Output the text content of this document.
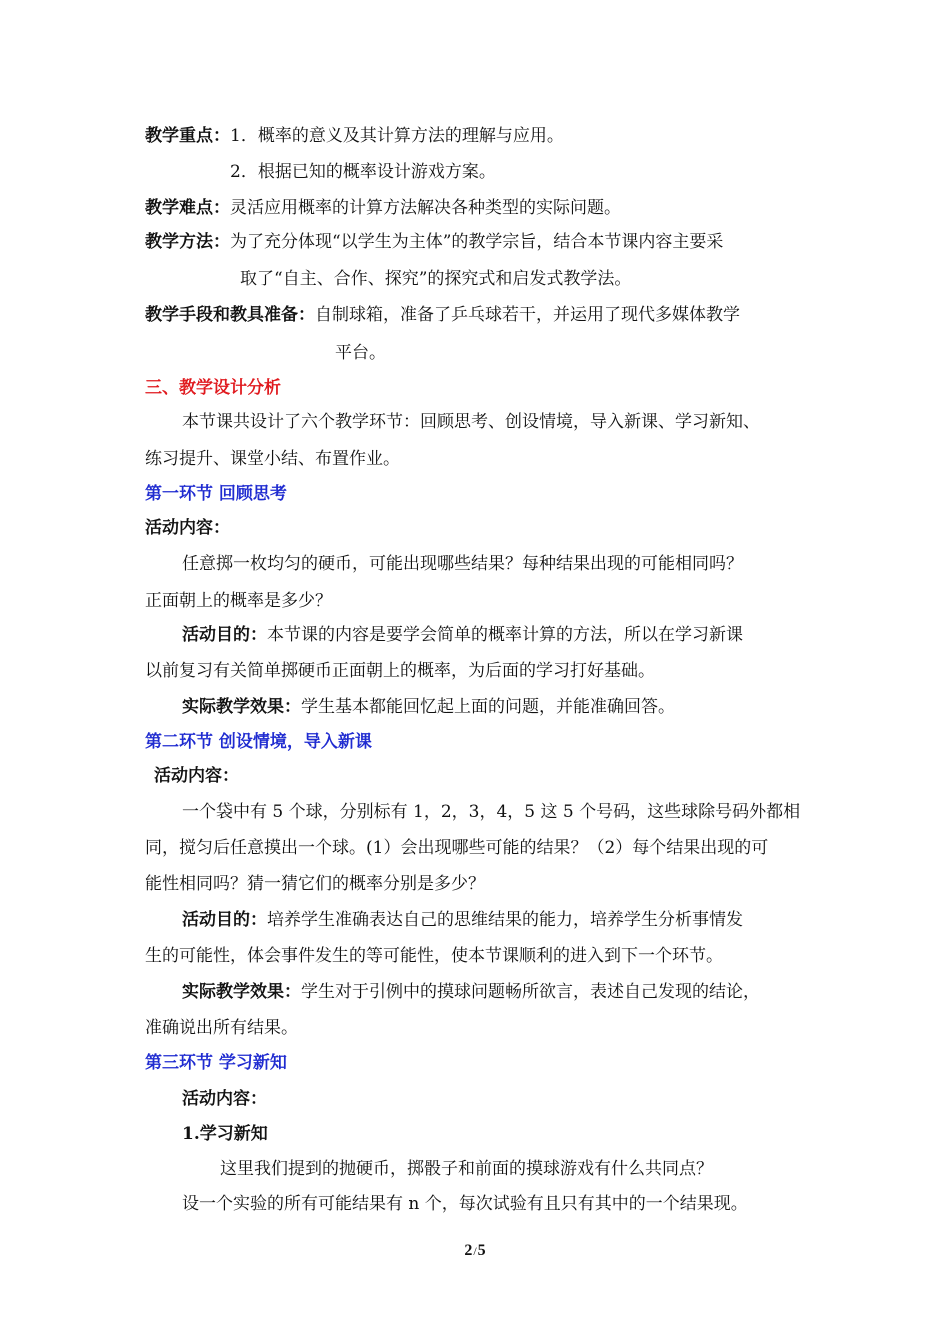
教学重点：1．概率的意义及其计算方法的理解与应用。
2．根据已知的概率设计游戏方案。
教学难点：灵活应用概率的计算方法解决各种类型的实际问题。
教学方法：为了充分体现“以学生为主体”的教学宗旨，结合本节课内容主要采
取了“自主、合作、探究”的探究式和启发式教学法。
教学手段和教具准备：自制球箱，准备了乒乓球若干，并运用了现代多媒体教学
平台。
三、教学设计分析
本节课共设计了六个教学环节：回顾思考、创设情境，导入新课、学习新知、
练习提升、课堂小结、布置作业。
第一环节 回顾思考
活动内容：
任意掷一枚均匀的硬币，可能出现哪些结果？每种结果出现的可能相同吗？
正面朝上的概率是多少？
活动目的：本节课的内容是要学会简单的概率计算的方法，所以在学习新课
以前复习有关简单掷硬币正面朝上的概率，为后面的学习打好基础。
实际教学效果：学生基本都能回忆起上面的问题，并能准确回答。
第二环节 创设情境，导入新课
活动内容：
一个袋中有 5 个球，分别标有 1，2，3，4，5 这 5 个号码，这些球除号码外都相
同，搅匀后任意摸出一个球。(1）会出现哪些可能的结果？（2）每个结果出现的可
能性相同吗？猜一猜它们的概率分别是多少？
活动目的：培养学生准确表达自己的思维结果的能力，培养学生分析事情发
生的可能性，体会事件发生的等可能性，使本节课顺利的进入到下一个环节。
实际教学效果：学生对于引例中的摸球问题畅所欲言，表述自己发现的结论，
准确说出所有结果。
第三环节 学习新知
活动内容：
1.学习新知
这里我们提到的抛硬币，掷骰子和前面的摸球游戏有什么共同点？
设一个实验的所有可能结果有 n 个，每次试验有且只有其中的一个结果现。
2/5
